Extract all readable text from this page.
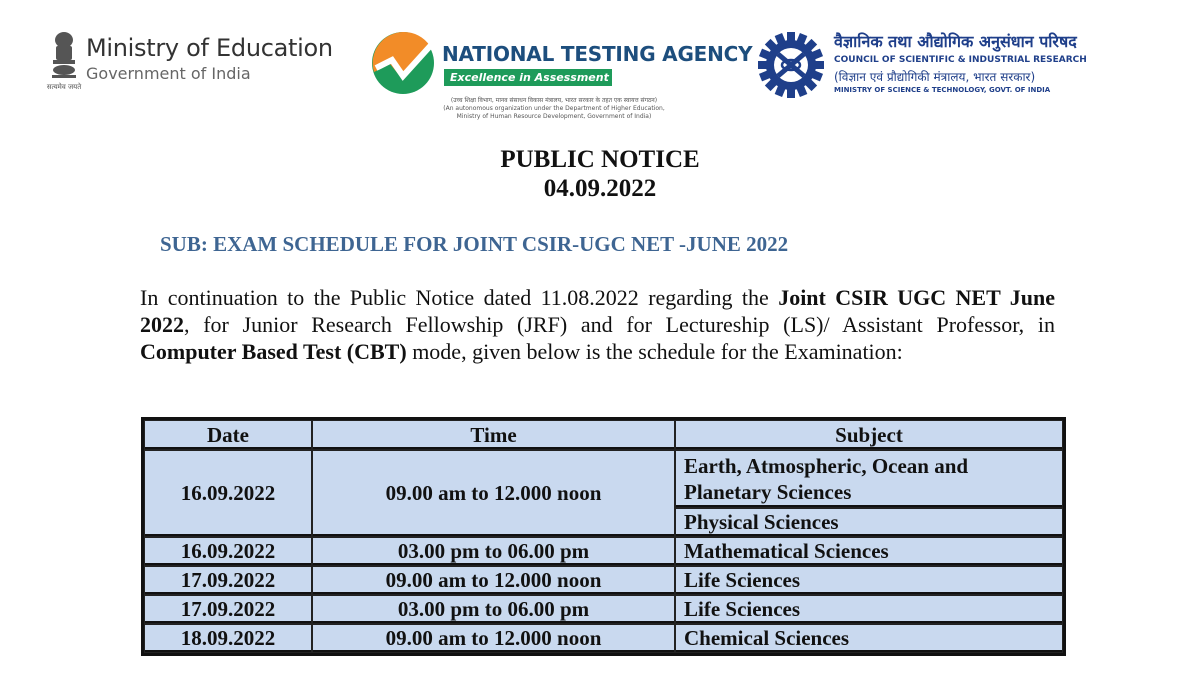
सत्यमेव जयते
Ministry of Education
Government of India
NATIONAL TESTING AGENCY
Excellence in Assessment
(उच्च शिक्षा विभाग, मानव संसाधन विकास मंत्रालय, भारत सरकार के तहत एक स्वायत्त संगठन)
(An autonomous organization under the Department of Higher Education,
Ministry of Human Resource Development, Government of India)
वैज्ञानिक तथा औद्योगिक अनुसंधान परिषद
COUNCIL OF SCIENTIFIC & INDUSTRIAL RESEARCH
(विज्ञान एवं प्रौद्योगिकी मंत्रालय, भारत सरकार)
MINISTRY OF SCIENCE & TECHNOLOGY, GOVT. OF INDIA
PUBLIC NOTICE
04.09.2022
SUB: EXAM SCHEDULE FOR JOINT CSIR-UGC NET -JUNE 2022
In continuation to the Public Notice dated 11.08.2022 regarding the Joint CSIR UGC NET June 2022, for Junior Research Fellowship (JRF) and for Lectureship (LS)/ Assistant Professor, in Computer Based Test (CBT) mode, given below is the schedule for the Examination:
Date	Time	Subject
16.09.2022	09.00 am to 12.000 noon	Earth, Atmospheric, Ocean and Planetary Sciences
		Physical Sciences
16.09.2022	03.00 pm to 06.00 pm	Mathematical Sciences
17.09.2022	09.00 am to 12.000 noon	Life Sciences
17.09.2022	03.00 pm to 06.00 pm	Life Sciences
18.09.2022	09.00 am to 12.000 noon	Chemical Sciences
